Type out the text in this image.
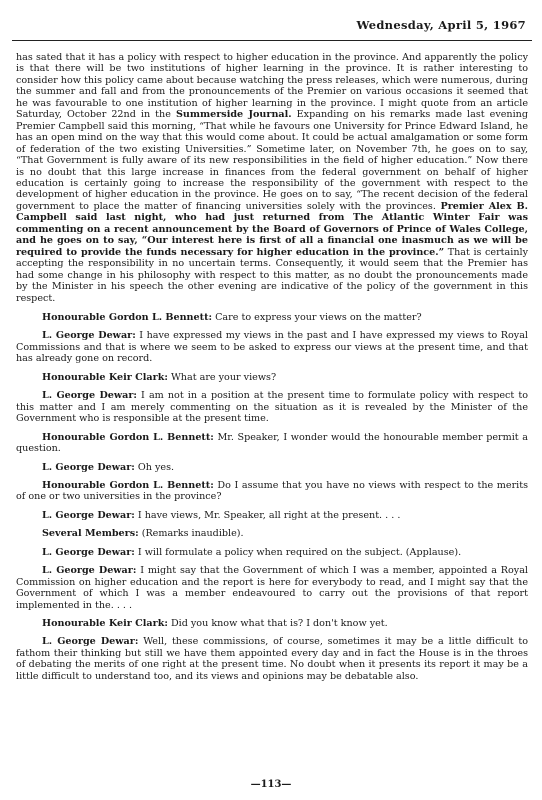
Wednesday, April 5, 1967

has sated that it has a policy with respect to higher education in the province. And apparently the policy is that there will be two institutions of higher learning in the province. It is rather interesting to consider how this policy came about because watching the press releases, which were numerous, during the summer and fall and from the pronouncements of the Premier on various occasions it seemed that he was favourable to one institution of higher learning in the province. I might quote from an article Saturday, October 22nd in the Summerside Journal. Expanding on his remarks made last evening Premier Campbell said this morning, “That while he favours one University for Prince Edward Island, he has an open mind on the way that this would come about. It could be actual amalgamation or some form of federation of the two existing Universities.” Sometime later, on November 7th, he goes on to say, “That Government is fully aware of its new responsibilities in the field of higher education.” Now there is no doubt that this large increase in finances from the federal government on behalf of higher education is certainly going to increase the responsibility of the government with respect to the development of higher education in the province. He goes on to say, “The recent decision of the federal government to place the matter of financing universities solely with the provinces. Premier Alex B. Campbell said last night, who had just returned from The Atlantic Winter Fair was commenting on a recent announcement by the Board of Governors of Prince of Wales College, and he goes on to say, “Our interest here is first of all a financial one inasmuch as we will be required to provide the funds necessary for higher education in the province.” That is certainly accepting the responsibility in no uncertain terms. Consequently, it would seem that the Premier has had some change in his philosophy with respect to this matter, as no doubt the pronouncements made by the Minister in his speech the other evening are indicative of the policy of the government in this respect.

Honourable Gordon L. Bennett: Care to express your views on the matter?

L. George Dewar: I have expressed my views in the past and I have expressed my views to Royal Commissions and that is where we seem to be asked to express our views at the present time, and that has already gone on record.

Honourable Keir Clark: What are your views?

L. George Dewar: I am not in a position at the present time to formulate policy with respect to this matter and I am merely commenting on the situation as it is revealed by the Minister of the Government who is responsible at the present time.

Honourable Gordon L. Bennett: Mr. Speaker, I wonder would the honourable member permit a question.

L. George Dewar: Oh yes.

Honourable Gordon L. Bennett: Do I assume that you have no views with respect to the merits of one or two universities in the province?

L. George Dewar: I have views, Mr. Speaker, all right at the present. . . .

Several Members: (Remarks inaudible).

L. George Dewar: I will formulate a policy when required on the subject. (Applause).

L. George Dewar: I might say that the Government of which I was a member, appointed a Royal Commission on higher education and the report is here for everybody to read, and I might say that the Government of which I was a member endeavoured to carry out the provisions of that report implemented in the. . . .

Honourable Keir Clark: Did you know what that is? I don't know yet.

L. George Dewar: Well, these commissions, of course, sometimes it may be a little difficult to fathom their thinking but still we have them appointed every day and in fact the House is in the throes of debating the merits of one right at the present time. No doubt when it presents its report it may be a little difficult to understand too, and its views and opinions may be debatable also.

—113—
